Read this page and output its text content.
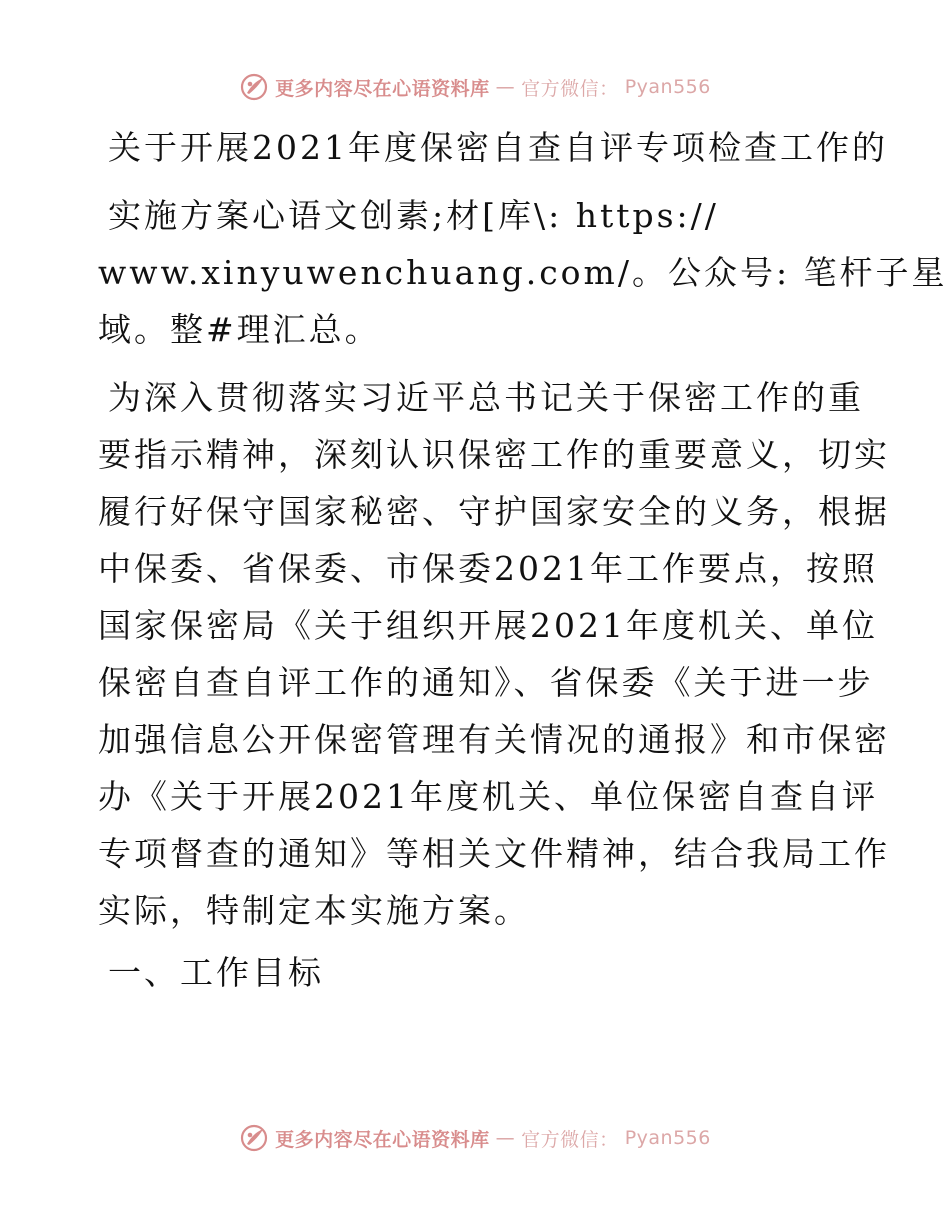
更多内容尽在心语资料库 — 官方微信： Pyan556
关于开展2021年度保密自查自评专项检查工作的
实施方案心语文创素;材[库\: https://
www.xinyuwenchuang.com/。公众号: 笔杆子星
域。整#理汇总。
为深入贯彻落实习近平总书记关于保密工作的重
要指示精神，深刻认识保密工作的重要意义，切实
履行好保守国家秘密、守护国家安全的义务，根据
中保委、省保委、市保委2021年工作要点，按照
国家保密局《关于组织开展2021年度机关、单位
保密自查自评工作的通知》、省保委《关于进一步
加强信息公开保密管理有关情况的通报》和市保密
办《关于开展2021年度机关、单位保密自查自评
专项督查的通知》等相关文件精神，结合我局工作
实际，特制定本实施方案。
一、工作目标
更多内容尽在心语资料库 — 官方微信： Pyan556
